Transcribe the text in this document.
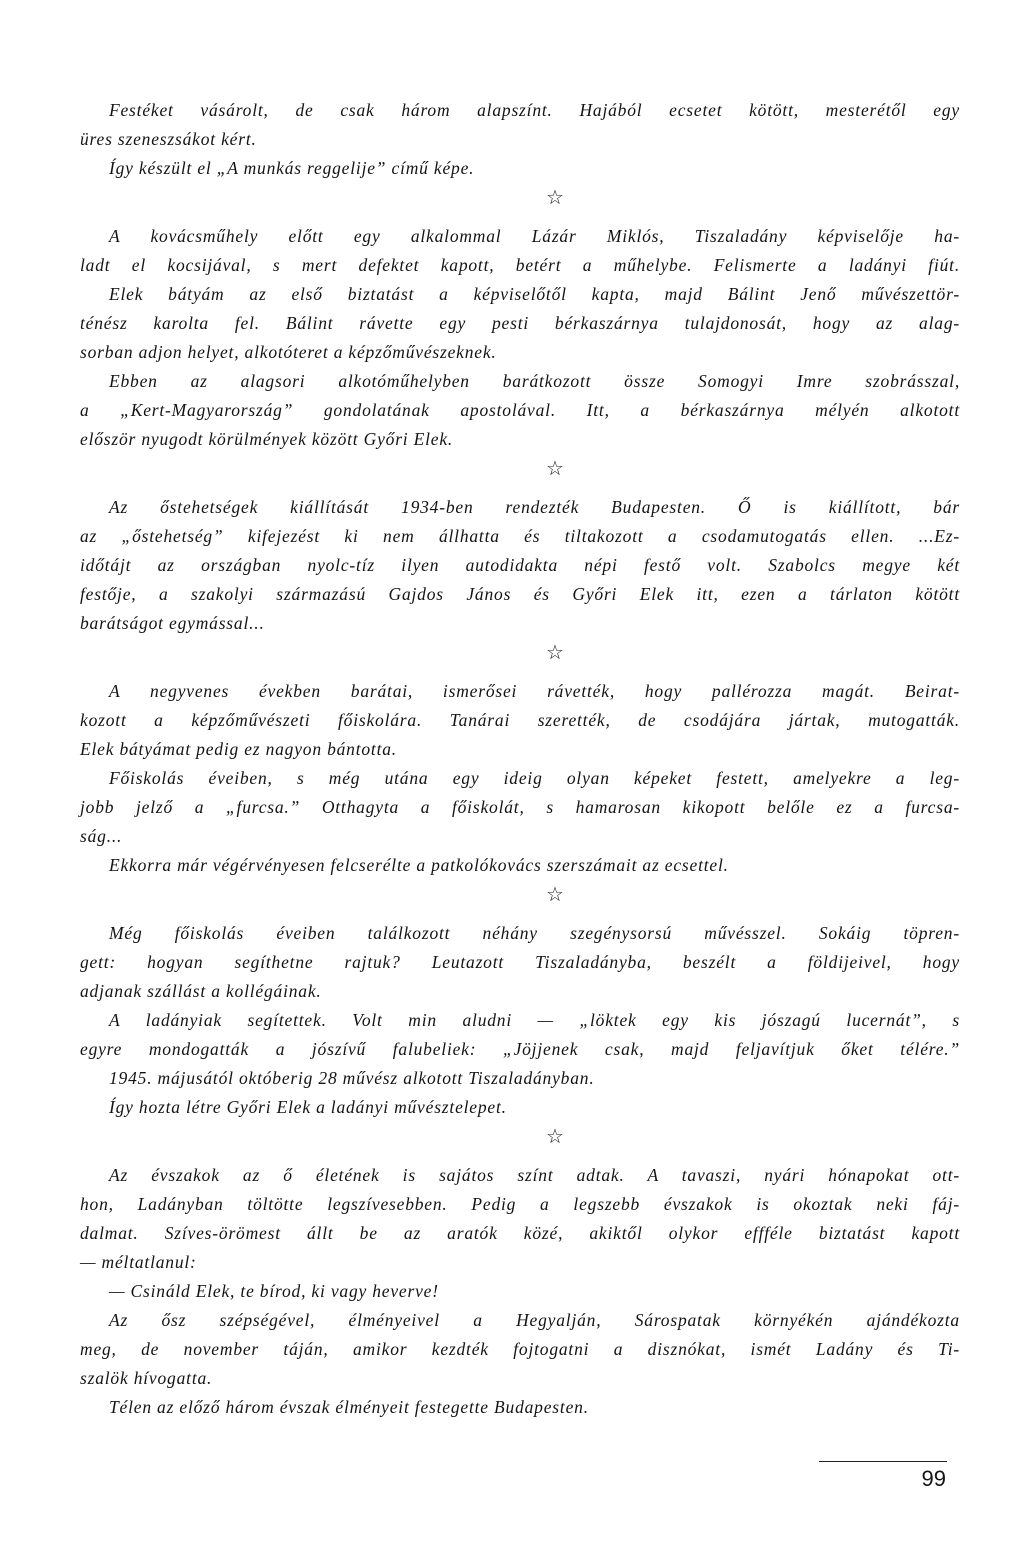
Festéket vásárolt, de csak három alapszínt. Hajából ecsetet kötött, mesterétől egy
üres szeneszsákot kért.
Így készült el „A munkás reggelije” című képe.
☆
A kovácsműhely előtt egy alkalommal Lázár Miklós, Tiszaladány képviselője ha-
ladt el kocsijával, s mert defektet kapott, betért a műhelybe. Felismerte a ladányi fiút.
Elek bátyám az első biztatást a képviselőtől kapta, majd Bálint Jenő művészettör-
ténész karolta fel. Bálint rávette egy pesti bérkaszárnya tulajdonosát, hogy az alag-
sorban adjon helyet, alkotóteret a képzőművészeknek.
Ebben az alagsori alkotóműhelyben barátkozott össze Somogyi Imre szobrásszal,
a „Kert-Magyarország” gondolatának apostolával. Itt, a bérkaszárnya mélyén alkotott
először nyugodt körülmények között Győri Elek.
☆
Az őstehetségek kiállítását 1934-ben rendezték Budapesten. Ő is kiállított, bár
az „őstehetség” kifejezést ki nem állhatta és tiltakozott a csodamutogatás ellen. ...Ez-
időtájt az országban nyolc-tíz ilyen autodidakta népi festő volt. Szabolcs megye két
festője, a szakolyi származású Gajdos János és Győri Elek itt, ezen a tárlaton kötött
barátságot egymással...
☆
A negyvenes években barátai, ismerősei rávették, hogy pallérozza magát. Beirat-
kozott a képzőművészeti főiskolára. Tanárai szerették, de csodájára jártak, mutogatták.
Elek bátyámat pedig ez nagyon bántotta.
Főiskolás éveiben, s még utána egy ideig olyan képeket festett, amelyekre a leg-
jobb jelző a „furcsa.” Otthagyta a főiskolát, s hamarosan kikopott belőle ez a furcsa-
ság...
Ekkorra már végérvényesen felcserélte a patkolókovács szerszámait az ecsettel.
☆
Még főiskolás éveiben találkozott néhány szegénysorsú művésszel. Sokáig töpren-
gett: hogyan segíthetne rajtuk? Leutazott Tiszaladányba, beszélt a földijeivel, hogy
adjanak szállást a kollégáinak.
A ladányiak segítettek. Volt min aludni — „löktek egy kis jószagú lucernát”, s
egyre mondogatták a jószívű falubeliek: „Jöjjenek csak, majd feljavítjuk őket télére.”
1945. májusától októberig 28 művész alkotott Tiszaladányban.
Így hozta létre Győri Elek a ladányi művésztelepet.
☆
Az évszakok az ő életének is sajátos színt adtak. A tavaszi, nyári hónapokat ott-
hon, Ladányban töltötte legszívesebben. Pedig a legszebb évszakok is okoztak neki fáj-
dalmat. Szíves-örömest állt be az aratók közé, akiktől olykor effféle biztatást kapott
— méltatlanul:
— Csináld Elek, te bírod, ki vagy heverve!
Az ősz szépségével, élményeivel a Hegyalján, Sárospatak környékén ajándékozta
meg, de november táján, amikor kezdték fojtogatni a disznókat, ismét Ladány és Ti-
szalök hívogatta.
Télen az előző három évszak élményeit festegette Budapesten.
99
